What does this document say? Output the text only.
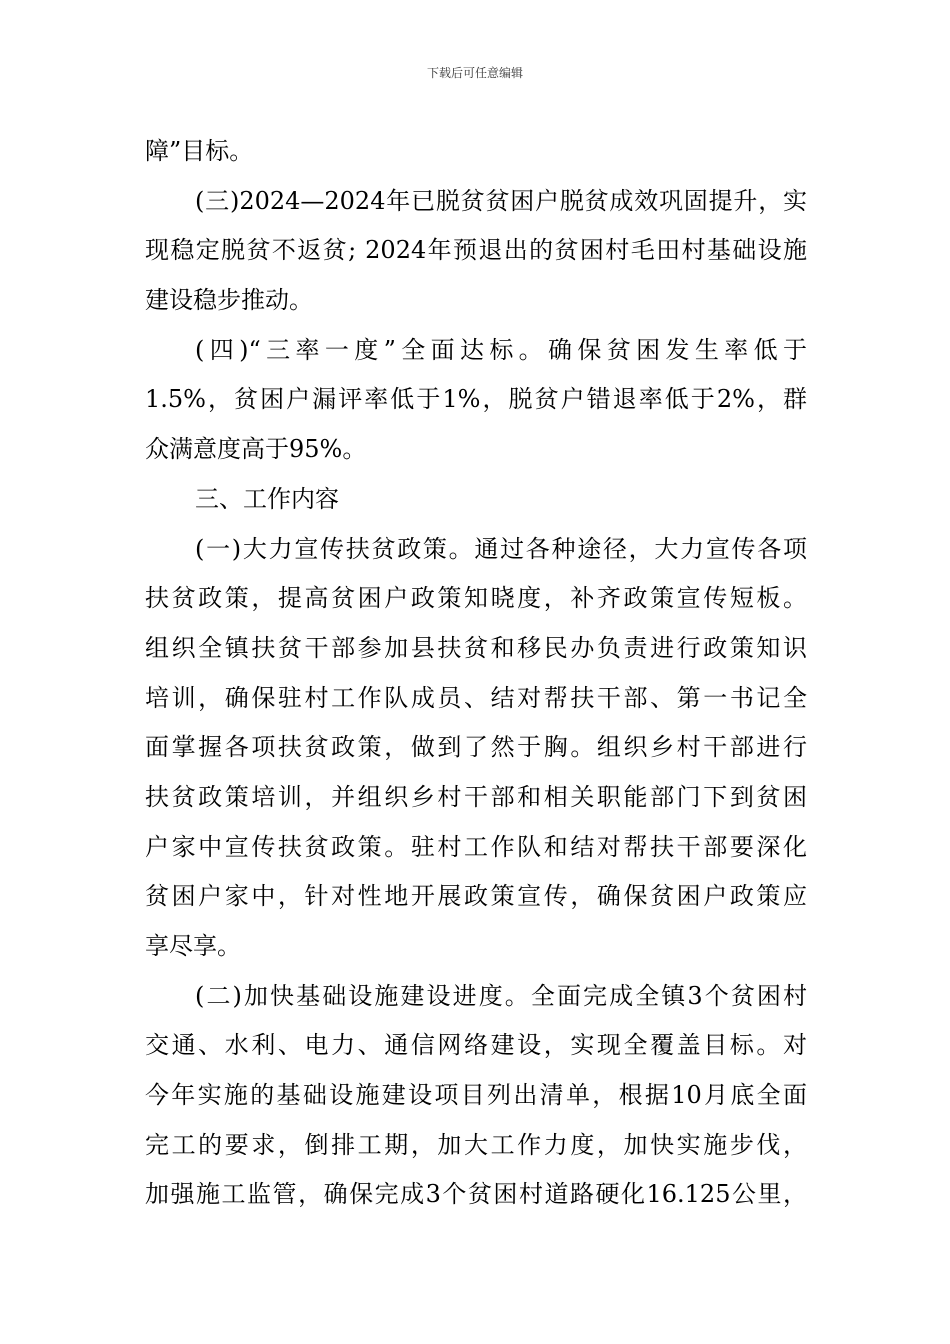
下载后可任意编辑
障”目标。
(三)2024—2024年已脱贫贫困户脱贫成效巩固提升，实
现稳定脱贫不返贫; 2024年预退出的贫困村毛田村基础设施
建设稳步推动。
(四)“三率一度”全面达标。确保贫困发生率低于
1.5%，贫困户漏评率低于1%，脱贫户错退率低于2%，群
众满意度高于95%。
三、工作内容
(一)大力宣传扶贫政策。通过各种途径，大力宣传各项
扶贫政策，提高贫困户政策知晓度，补齐政策宣传短板。
组织全镇扶贫干部参加县扶贫和移民办负责进行政策知识
培训，确保驻村工作队成员、结对帮扶干部、第一书记全
面掌握各项扶贫政策，做到了然于胸。组织乡村干部进行
扶贫政策培训，并组织乡村干部和相关职能部门下到贫困
户家中宣传扶贫政策。驻村工作队和结对帮扶干部要深化
贫困户家中，针对性地开展政策宣传，确保贫困户政策应
享尽享。
(二)加快基础设施建设进度。全面完成全镇3个贫困村
交通、水利、电力、通信网络建设，实现全覆盖目标。对
今年实施的基础设施建设项目列出清单，根据10月底全面
完工的要求，倒排工期，加大工作力度，加快实施步伐，
加强施工监管，确保完成3个贫困村道路硬化16.125公里，
